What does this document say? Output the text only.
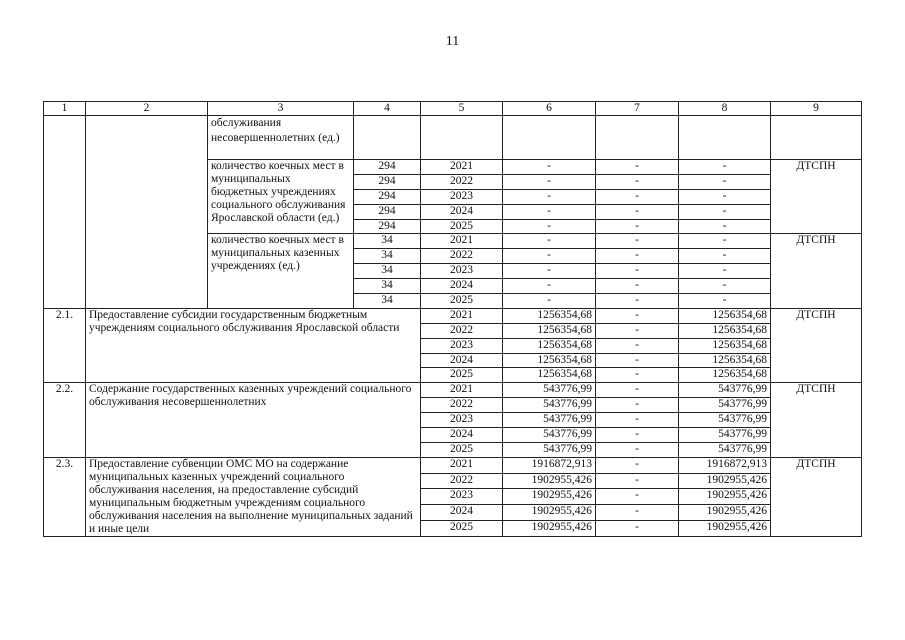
11
1	2	3	4	5	6	7	8	9
		обслуживания несовершеннолетних (ед.)						
		количество коечных мест в муниципальных бюджетных учреждениях социального обслуживания Ярославской области (ед.)	294	2021	-	-	-	ДТСПН
			294	2022	-	-	-	
			294	2023	-	-	-	
			294	2024	-	-	-	
			294	2025	-	-	-	
		количество коечных мест в муниципальных казенных учреждениях (ед.)	34	2021	-	-	-	ДТСПН
			34	2022	-	-	-	
			34	2023	-	-	-	
			34	2024	-	-	-	
			34	2025	-	-	-	
2.1.	Предоставление субсидии государственным бюджетным учреждениям социального обслуживания Ярославской области			2021	1256354,68	-	1256354,68	ДТСПН
				2022	1256354,68	-	1256354,68	
				2023	1256354,68	-	1256354,68	
				2024	1256354,68	-	1256354,68	
				2025	1256354,68	-	1256354,68	
2.2.	Содержание государственных казенных учреждений социального обслуживания несовершеннолетних			2021	543776,99	-	543776,99	ДТСПН
				2022	543776,99	-	543776,99	
				2023	543776,99	-	543776,99	
				2024	543776,99	-	543776,99	
				2025	543776,99	-	543776,99	
2.3.	Предоставление субвенции ОМС МО на содержание муниципальных казенных учреждений социального обслуживания населения, на предоставление субсидий муниципальным бюджетным учреждениям социального обслуживания населения на выполнение муниципальных заданий и иные цели			2021	1916872,913	-	1916872,913	ДТСПН
				2022	1902955,426	-	1902955,426	
				2023	1902955,426	-	1902955,426	
				2024	1902955,426	-	1902955,426	
				2025	1902955,426	-	1902955,426	
